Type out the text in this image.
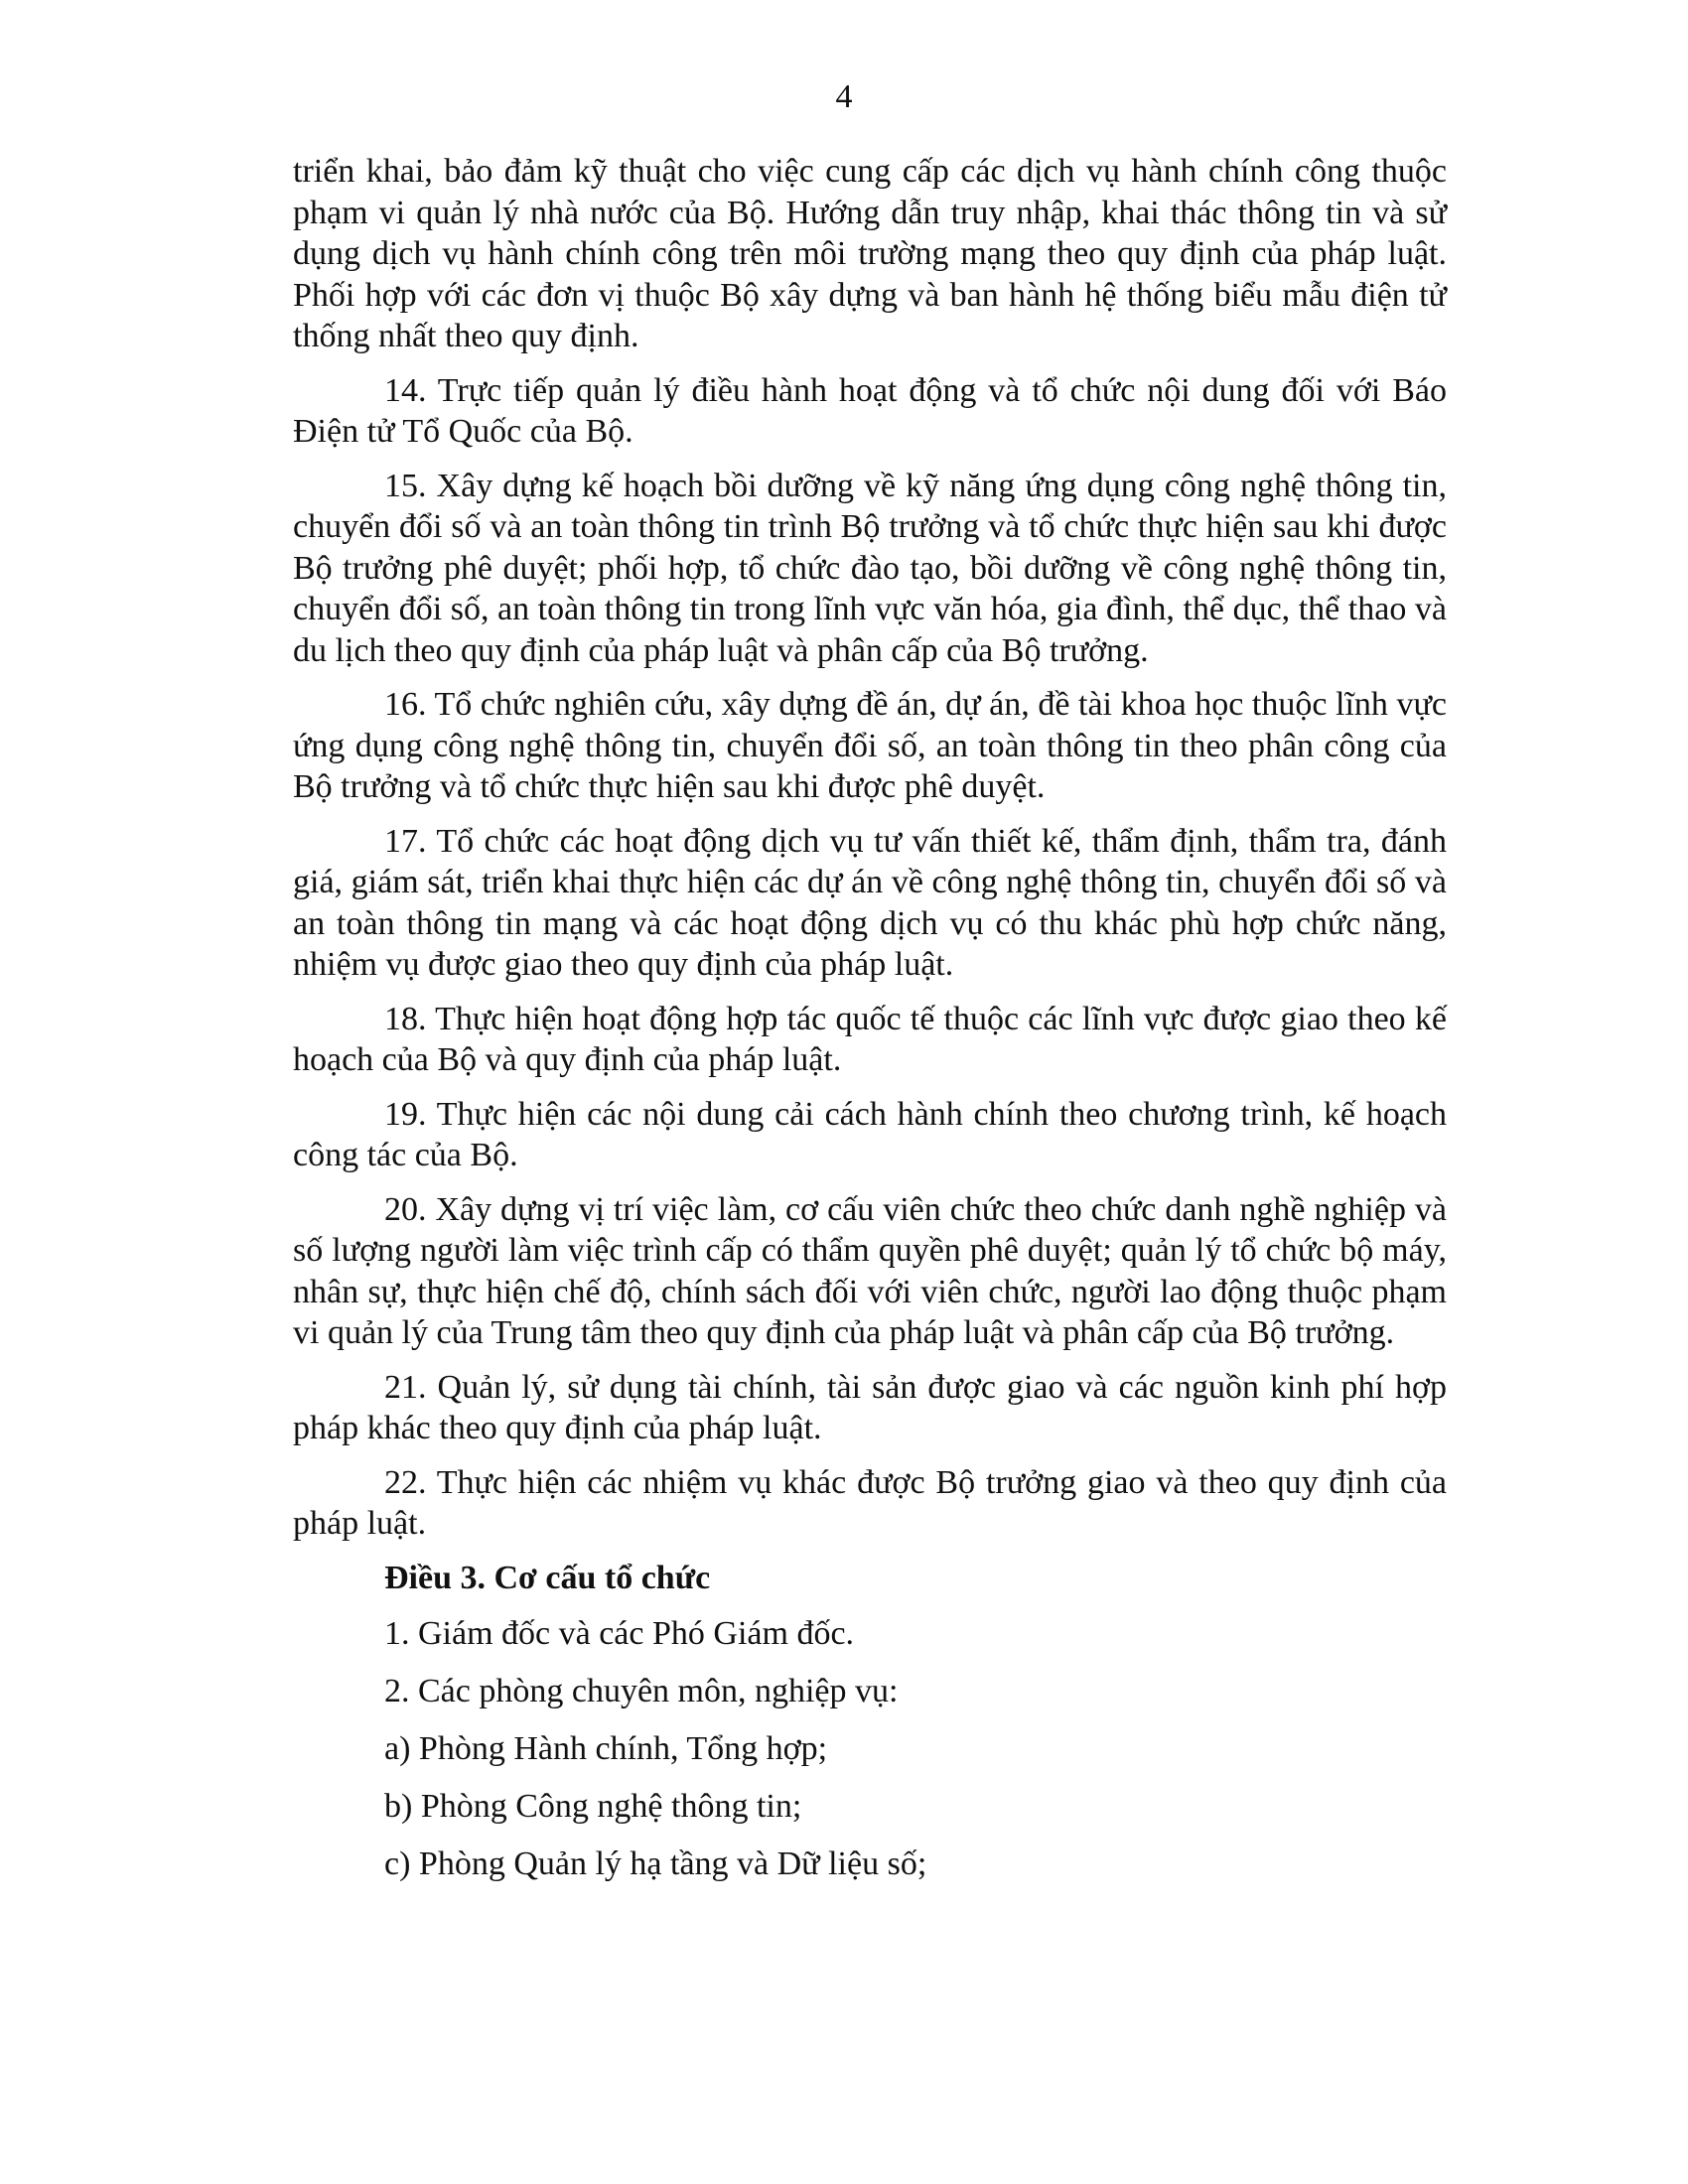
4

triển khai, bảo đảm kỹ thuật cho việc cung cấp các dịch vụ hành chính công thuộc phạm vi quản lý nhà nước của Bộ. Hướng dẫn truy nhập, khai thác thông tin và sử dụng dịch vụ hành chính công trên môi trường mạng theo quy định của pháp luật. Phối hợp với các đơn vị thuộc Bộ xây dựng và ban hành hệ thống biểu mẫu điện tử thống nhất theo quy định.

14. Trực tiếp quản lý điều hành hoạt động và tổ chức nội dung đối với Báo Điện tử Tổ Quốc của Bộ.

15. Xây dựng kế hoạch bồi dưỡng về kỹ năng ứng dụng công nghệ thông tin, chuyển đổi số và an toàn thông tin trình Bộ trưởng và tổ chức thực hiện sau khi được Bộ trưởng phê duyệt; phối hợp, tổ chức đào tạo, bồi dưỡng về công nghệ thông tin, chuyển đổi số, an toàn thông tin trong lĩnh vực văn hóa, gia đình, thể dục, thể thao và du lịch theo quy định của pháp luật và phân cấp của Bộ trưởng.

16. Tổ chức nghiên cứu, xây dựng đề án, dự án, đề tài khoa học thuộc lĩnh vực ứng dụng công nghệ thông tin, chuyển đổi số, an toàn thông tin theo phân công của Bộ trưởng và tổ chức thực hiện sau khi được phê duyệt.

17. Tổ chức các hoạt động dịch vụ tư vấn thiết kế, thẩm định, thẩm tra, đánh giá, giám sát, triển khai thực hiện các dự án về công nghệ thông tin, chuyển đổi số và an toàn thông tin mạng và các hoạt động dịch vụ có thu khác phù hợp chức năng, nhiệm vụ được giao theo quy định của pháp luật.

18. Thực hiện hoạt động hợp tác quốc tế thuộc các lĩnh vực được giao theo kế hoạch của Bộ và quy định của pháp luật.

19. Thực hiện các nội dung cải cách hành chính theo chương trình, kế hoạch công tác của Bộ.

20. Xây dựng vị trí việc làm, cơ cấu viên chức theo chức danh nghề nghiệp và số lượng người làm việc trình cấp có thẩm quyền phê duyệt; quản lý tổ chức bộ máy, nhân sự, thực hiện chế độ, chính sách đối với viên chức, người lao động thuộc phạm vi quản lý của Trung tâm theo quy định của pháp luật và phân cấp của Bộ trưởng.

21. Quản lý, sử dụng tài chính, tài sản được giao và các nguồn kinh phí hợp pháp khác theo quy định của pháp luật.

22. Thực hiện các nhiệm vụ khác được Bộ trưởng giao và theo quy định của pháp luật.

Điều 3. Cơ cấu tổ chức

1. Giám đốc và các Phó Giám đốc.

2. Các phòng chuyên môn, nghiệp vụ:

a) Phòng Hành chính, Tổng hợp;

b) Phòng Công nghệ thông tin;

c) Phòng Quản lý hạ tầng và Dữ liệu số;
